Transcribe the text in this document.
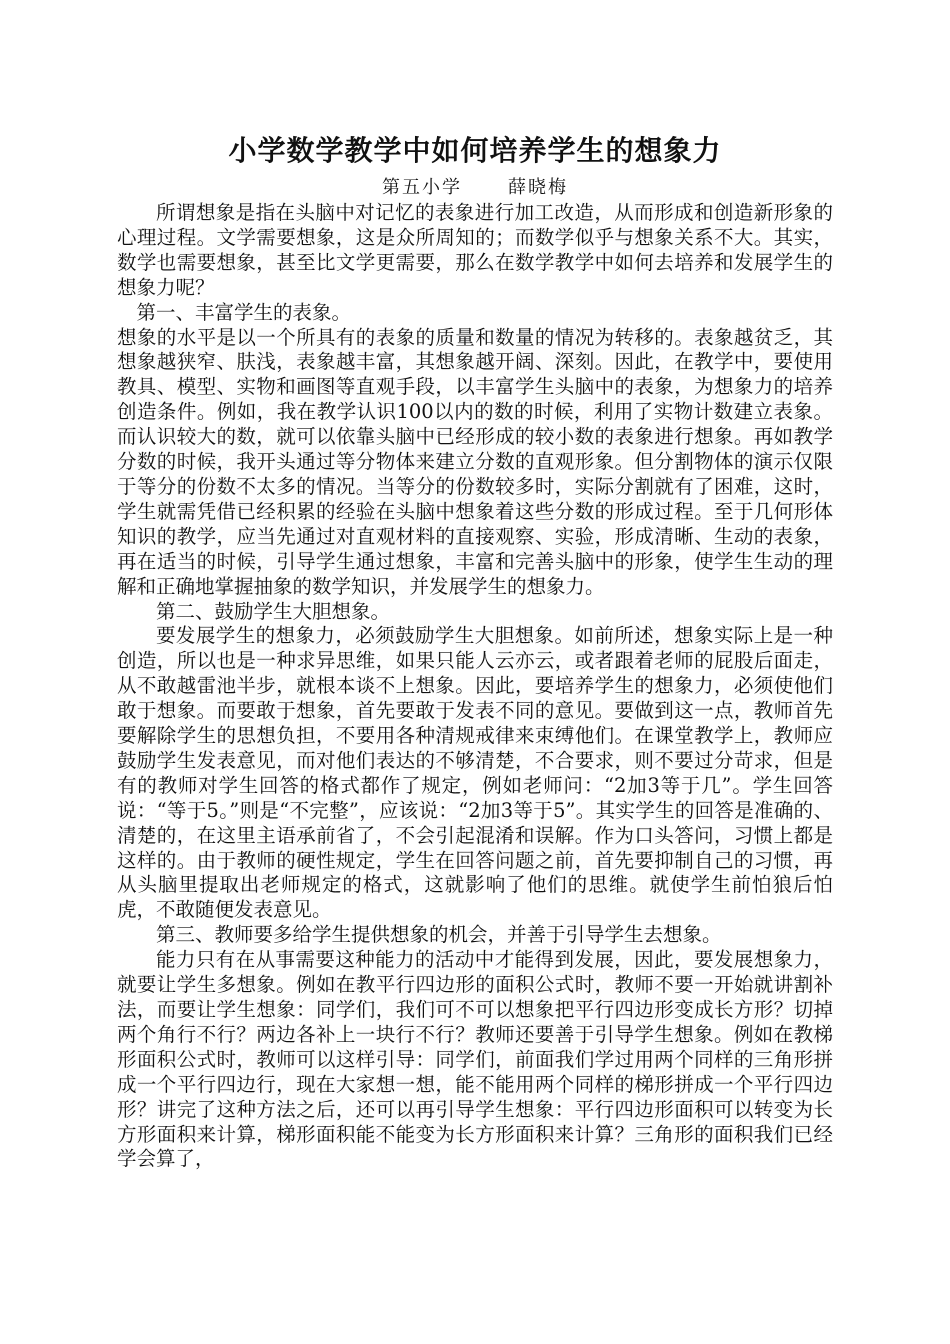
小学数学教学中如何培养学生的想象力

第五小学	薛晓梅

所谓想象是指在头脑中对记忆的表象进行加工改造，从而形成和创造新形象的心理过程。文学需要想象，这是众所周知的；而数学似乎与想象关系不大。其实，数学也需要想象，甚至比文学更需要，那么在数学教学中如何去培养和发展学生的想象力呢？

第一、丰富学生的表象。

想象的水平是以一个所具有的表象的质量和数量的情况为转移的。表象越贫乏，其想象越狭窄、肤浅，表象越丰富，其想象越开阔、深刻。因此，在教学中，要使用教具、模型、实物和画图等直观手段，以丰富学生头脑中的表象，为想象力的培养创造条件。例如，我在教学认识100以内的数的时候，利用了实物计数建立表象。而认识较大的数，就可以依靠头脑中已经形成的较小数的表象进行想象。再如教学分数的时候，我开头通过等分物体来建立分数的直观形象。但分割物体的演示仅限于等分的份数不太多的情况。当等分的份数较多时，实际分割就有了困难，这时，学生就需凭借已经积累的经验在头脑中想象着这些分数的形成过程。至于几何形体知识的教学，应当先通过对直观材料的直接观察、实验，形成清晰、生动的表象，再在适当的时候，引导学生通过想象，丰富和完善头脑中的形象，使学生生动的理解和正确地掌握抽象的数学知识，并发展学生的想象力。

第二、鼓励学生大胆想象。

要发展学生的想象力，必须鼓励学生大胆想象。如前所述，想象实际上是一种创造，所以也是一种求异思维，如果只能人云亦云，或者跟着老师的屁股后面走，从不敢越雷池半步，就根本谈不上想象。因此，要培养学生的想象力，必须使他们敢于想象。而要敢于想象，首先要敢于发表不同的意见。要做到这一点，教师首先要解除学生的思想负担，不要用各种清规戒律来束缚他们。在课堂教学上，教师应鼓励学生发表意见，而对他们表达的不够清楚，不合要求，则不要过分苛求，但是有的教师对学生回答的格式都作了规定，例如老师问：“2加3等于几”。学生回答说：“等于5。”则是“不完整”，应该说：“2加3等于5”。其实学生的回答是准确的、清楚的，在这里主语承前省了，不会引起混淆和误解。作为口头答问，习惯上都是这样的。由于教师的硬性规定，学生在回答问题之前，首先要抑制自己的习惯，再从头脑里提取出老师规定的格式，这就影响了他们的思维。就使学生前怕狼后怕虎，不敢随便发表意见。

第三、教师要多给学生提供想象的机会，并善于引导学生去想象。

能力只有在从事需要这种能力的活动中才能得到发展，因此，要发展想象力，就要让学生多想象。例如在教平行四边形的面积公式时，教师不要一开始就讲割补法，而要让学生想象：同学们，我们可不可以想象把平行四边形变成长方形？切掉两个角行不行？两边各补上一块行不行？教师还要善于引导学生想象。例如在教梯形面积公式时，教师可以这样引导：同学们，前面我们学过用两个同样的三角形拼成一个平行四边行，现在大家想一想，能不能用两个同样的梯形拼成一个平行四边形？讲完了这种方法之后，还可以再引导学生想象：平行四边形面积可以转变为长方形面积来计算，梯形面积能不能变为长方形面积来计算？三角形的面积我们已经学会算了，
